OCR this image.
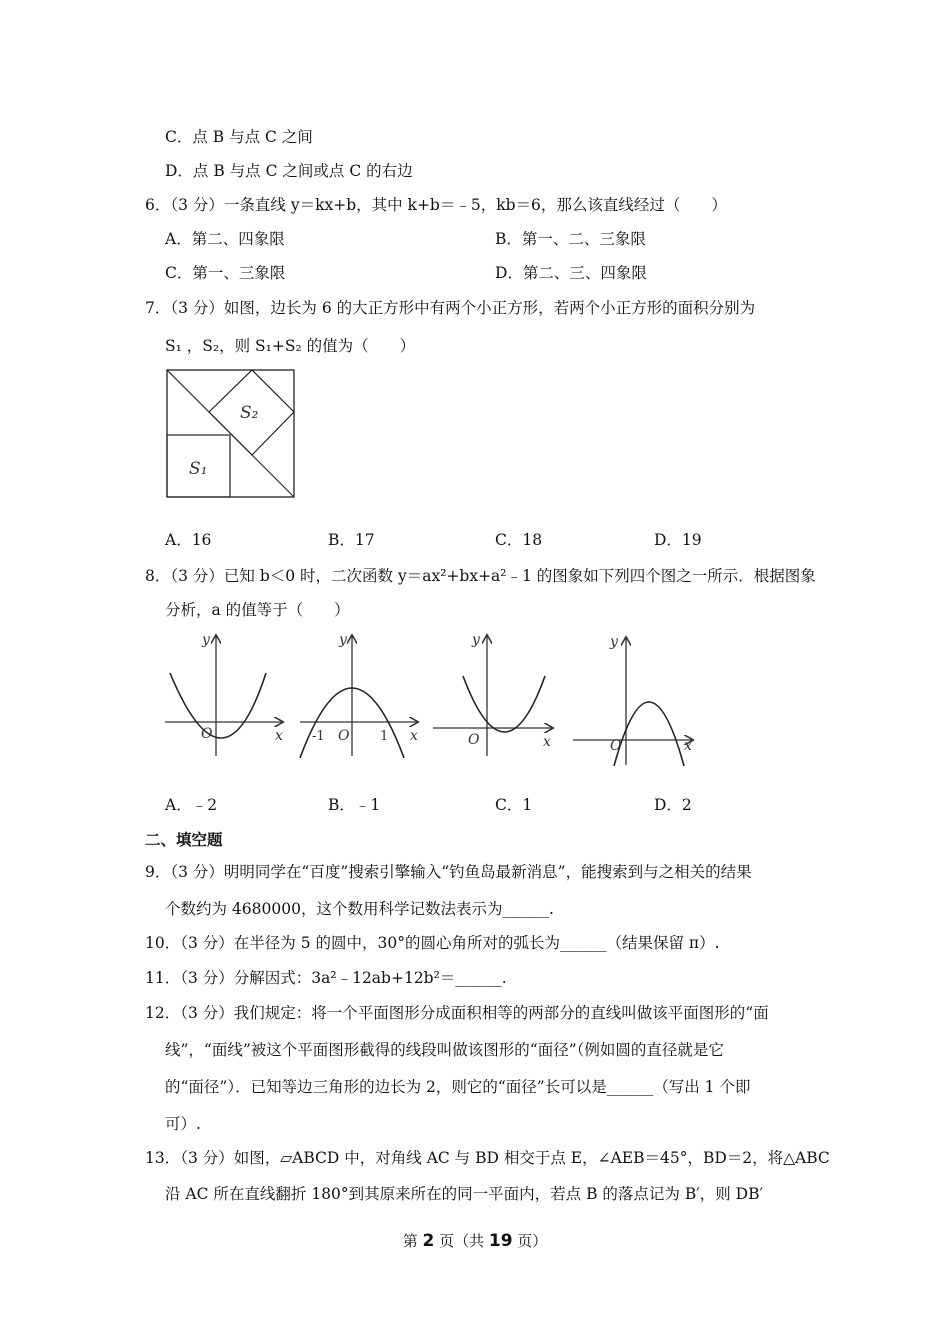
C．点 B 与点 C 之间
D．点 B 与点 C 之间或点 C 的右边
6．（3 分）一条直线 y＝kx+b，其中 k+b＝﹣5，kb＝6，那么该直线经过（　　）
A．第二、四象限	B．第一、二、三象限
C．第一、三象限	D．第二、三、四象限
7．（3 分）如图，边长为 6 的大正方形中有两个小正方形，若两个小正方形的面积分别为
S₁ ，S₂，则 S₁+S₂ 的值为（　　）
S₁
S₂
A．16	B．17	C．18	D．19
8．（3 分）已知 b＜0 时，二次函数 y＝ax²+bx+a²﹣1 的图象如下列四个图之一所示．根据图象
分析，a 的值等于（　　）
y
x
O
y
x
O
-1	1
y
x
O
y
x
O
A．﹣2	B．﹣1	C．1	D．2
二、填空题
9．（3 分）明明同学在“百度”搜索引擎输入“钓鱼岛最新消息”，能搜索到与之相关的结果
个数约为 4680000，这个数用科学记数法表示为______.
10．（3 分）在半径为 5 的圆中，30°的圆心角所对的弧长为______（结果保留 π）.
11．（3 分）分解因式：3a²﹣12ab+12b²＝______.
12．（3 分）我们规定：将一个平面图形分成面积相等的两部分的直线叫做该平面图形的“面
线”，“面线”被这个平面图形截得的线段叫做该图形的“面径”（例如圆的直径就是它
的“面径”）．已知等边三角形的边长为 2，则它的“面径”长可以是______（写出 1 个即
可）.
13．（3 分）如图，▱ABCD 中，对角线 AC 与 BD 相交于点 E，∠AEB＝45°，BD＝2，将△ABC
沿 AC 所在直线翻折 180°到其原来所在的同一平面内，若点 B 的落点记为 B′，则 DB′
第 2 页（共 19 页）
